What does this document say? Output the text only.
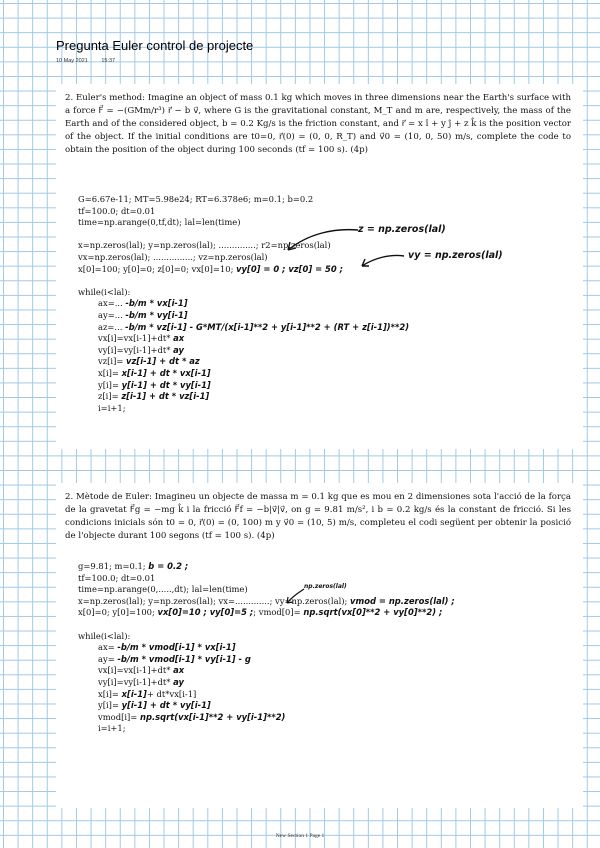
Pregunta Euler control de projecte
10 May 2021 15:37
2. Euler's method: Imagine an object of mass 0.1 kg which moves in three dimensions near the Earth's surface with a force F⃗ = −(GMm/r³) r⃗ − b v⃗, where G is the gravitational constant, M_T and m are, respectively, the mass of the Earth and of the considered object, b = 0.2 Kg/s is the friction constant, and r⃗ = x î + y ĵ + z k̂ is the position vector of the object. If the initial conditions are t0=0, r⃗(0) = (0, 0, R_T) and v⃗0 = (10, 0, 50) m/s, complete the code to obtain the position of the object during 100 seconds (tf = 100 s). (4p)
G=6.67e-11; MT=5.98e24; RT=6.378e6; m=0.1; b=0.2
tf=100.0; dt=0.01
time=np.arange(0,tf,dt); lal=len(time)
x=np.zeros(lal); y=np.zeros(lal); ..............; r2=np.zeros(lal)
vx=np.zeros(lal); ...............; vz=np.zeros(lal)
x[0]=100; y[0]=0; z[0]=0; vx[0]=10; vy[0] = 0 ; vz[0] = 50 ;
while(i<lal):
ax=... -b/m * vx[i-1]
ay=... -b/m * vy[i-1]
az=... -b/m * vz[i-1] - G*MT/(x[i-1]**2 + y[i-1]**2 + (RT + z[i-1])**2)
vx[i]=vx[i-1]+dt* ax
vy[i]=vy[i-1]+dt* ay
vz[i]= vz[i-1] + dt * az
x[i]= x[i-1] + dt * vx[i-1]
y[i]= y[i-1] + dt * vy[i-1]
z[i]= z[i-1] + dt * vz[i-1]
i=i+1;
z = np.zeros(lal)
vy = np.zeros(lal)
2. Mètode de Euler: Imagineu un objecte de massa m = 0.1 kg que es mou en 2 dimensiones sota l'acció de la força de la gravetat F⃗g = −mg k̂ i la fricció F⃗f = −b|v⃗|v⃗, on g = 9.81 m/s², i b = 0.2 kg/s és la constant de fricció. Si les condicions inicials són t0 = 0, r⃗(0) = (0, 100) m y v⃗0 = (10, 5) m/s, completeu el codi següent per obtenir la posició de l'objecte durant 100 segons (tf = 100 s). (4p)
g=9.81; m=0.1; b = 0.2 ;
tf=100.0; dt=0.01
time=np.arange(0,.....,dt); lal=len(time)
x=np.zeros(lal); y=np.zeros(lal); vx=.............; vy=np.zeros(lal); vmod = np.zeros(lal) ;
x[0]=0; y[0]=100; vx[0]=10 ; vy[0]=5 ;; vmod[0]= np.sqrt(vx[0]**2 + vy[0]**2) ;
while(i<lal):
ax= -b/m * vmod[i-1] * vx[i-1]
ay= -b/m * vmod[i-1] * vy[i-1] - g
vx[i]=vx[i-1]+dt* ax
vy[i]=vy[i-1]+dt* ay
x[i]= x[i-1]+ dt*vx[i-1]
y[i]= y[i-1] + dt * vy[i-1]
vmod[i]= np.sqrt(vx[i-1]**2 + vy[i-1]**2)
i=i+1;
np.zeros(lal)
New Section 1 Page 1
